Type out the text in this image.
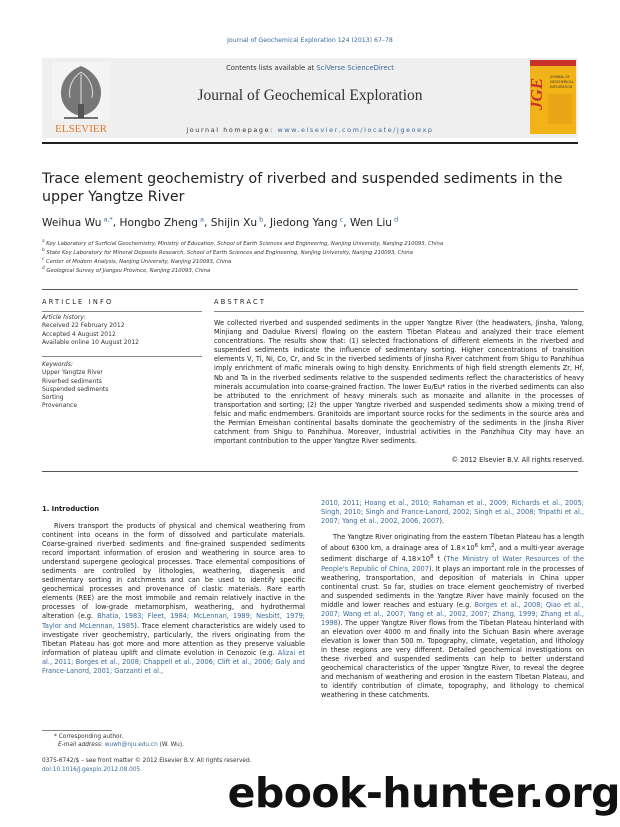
Journal of Geochemical Exploration 124 (2013) 67–78
ELSEVIER
Contents lists available at SciVerse ScienceDirect
Journal of Geochemical Exploration
journal homepage: www.elsevier.com/locate/jgeoexp
JGE
JOURNAL OF
GEOCHEMICAL
EXPLORATION
Trace element geochemistry of riverbed and suspended sediments in the upper Yangtze River
Weihua Wu $^{a,*}$, Hongbo Zheng $^a$, Shijin Xu $^b$, Jiedong Yang $^c$, Wen Liu $^d$
$^a$ Key Laboratory of Surficial Geochemistry, Ministry of Education, School of Earth Sciences and Engineering, Nanjing University, Nanjing 210093, China
$^b$ State Key Laboratory for Mineral Deposits Research, School of Earth Sciences and Engineering, Nanjing University, Nanjing 210093, China
$^c$ Center of Modern Analysis, Nanjing University, Nanjing 210093, China
$^d$ Geological Survey of Jiangsu Province, Nanjing 210093, China
ARTICLE INFO
Article history:
Received 22 February 2012
Accepted 4 August 2012
Available online 10 August 2012
Keywords:
Upper Yangtze River
Riverbed sediments
Suspended sediments
Sorting
Provenance
ABSTRACT
We collected riverbed and suspended sediments in the upper Yangtze River (the headwaters, Jinsha, Yalong, Minjiang and Dadulue Rivers) flowing on the eastern Tibetan Plateau and analyzed their trace element concentrations. The results show that: (1) selected fractionations of different elements in the riverbed and suspended sediments indicate the influence of sedimentary sorting. Higher concentrations of transition elements V, Ti, Ni, Co, Cr, and Sc in the riverbed sediments of Jinsha River catchment from Shigu to Panzhihua imply enrichment of mafic minerals owing to high density. Enrichments of high field strength elements Zr, Hf, Nb and Ta in the riverbed sediments relative to the suspended sediments reflect the characteristics of heavy minerals accumulation into coarse-grained fraction. The lower Eu/Eu* ratios in the riverbed sediments can also be attributed to the enrichment of heavy minerals such as monazite and allanite in the processes of transportation and sorting; (2) the upper Yangtze riverbed and suspended sediments show a mixing trend of felsic and mafic endmembers. Granitoids are important source rocks for the sediments in the source area and the Permian Emeishan continental basalts dominate the geochemistry of the sediments in the Jinsha River catchment from Shigu to Panzhihua. Moreover, industrial activities in the Panzhihua City may have an important contribution to the upper Yangtze River sediments.
© 2012 Elsevier B.V. All rights reserved.
1. Introduction
Rivers transport the products of physical and chemical weathering from continent into oceans in the form of dissolved and particulate materials. Coarse-grained riverbed sediments and fine-grained suspended sediments record important information of erosion and weathering in source area to understand supergene geological processes. Trace elemental compositions of sediments are controlled by lithologies, weathering, diagenesis and sedimentary sorting in catchments and can be used to identify specific geochemical processes and provenance of clastic materials. Rare earth elements (REE) are the most immobile and remain relatively inactive in the processes of low-grade metamorphism, weathering, and hydrothermal alteration (e.g. Bhatia, 1983; Fleet, 1984; McLennan, 1989; Nesbitt, 1979; Taylor and McLennan, 1985). Trace element characteristics are widely used to investigate river geochemistry, particularly, the rivers originating from the Tibetan Plateau has got more and more attention as they preserve valuable information of plateau uplift and climate evolution in Cenozoic (e.g. Alizai et al., 2011; Borges et al., 2008; Chappell et al., 2006; Clift et al., 2006; Galy and France-Lanord, 2001; Garzanti et al.,
2010, 2011; Hoang et al., 2010; Rahaman et al., 2009; Richards et al., 2005; Singh, 2010; Singh and France-Lanord, 2002; Singh et al., 2008; Tripathi et al., 2007; Yang et al., 2002, 2006, 2007).
The Yangtze River originating from the eastern Tibetan Plateau has a length of about 6300 km, a drainage area of $1.8\times 10^6$ $km^2$, and a multi-year average sediment discharge of $4.18\times 10^8$ t (The Ministry of Water Resources of the People's Republic of China, 2007). It plays an important role in the processes of weathering, transportation, and deposition of materials in China upper continental crust. So far, studies on trace element geochemistry of riverbed and suspended sediments in the Yangtze River have mainly focused on the middle and lower reaches and estuary (e.g. Borges et al., 2008; Qiao et al., 2007; Wang et al., 2007; Yang et al., 2002, 2007; Zhang, 1999; Zhang et al., 1998). The upper Yangtze River flows from the Tibetan Plateau hinterland with an elevation over 4000 m and finally into the Sichuan Basin where average elevation is lower than 500 m. Topography, climate, vegetation, and lithology in these regions are very different. Detailed geochemical investigations on these riverbed and suspended sediments can help to better understand geochemical characteristics of the upper Yangtze River, to reveal the degree and mechanism of weathering and erosion in the eastern Tibetan Plateau, and to identify contribution of climate, topography, and lithology to chemical weathering in these catchments.
* Corresponding author.
E-mail address: wuwh@nju.edu.cn (W. Wu).
0375-6742/$ – see front matter © 2012 Elsevier B.V. All rights reserved.
doi:10.1016/j.gexplo.2012.08.005	ebook-hunter.org
